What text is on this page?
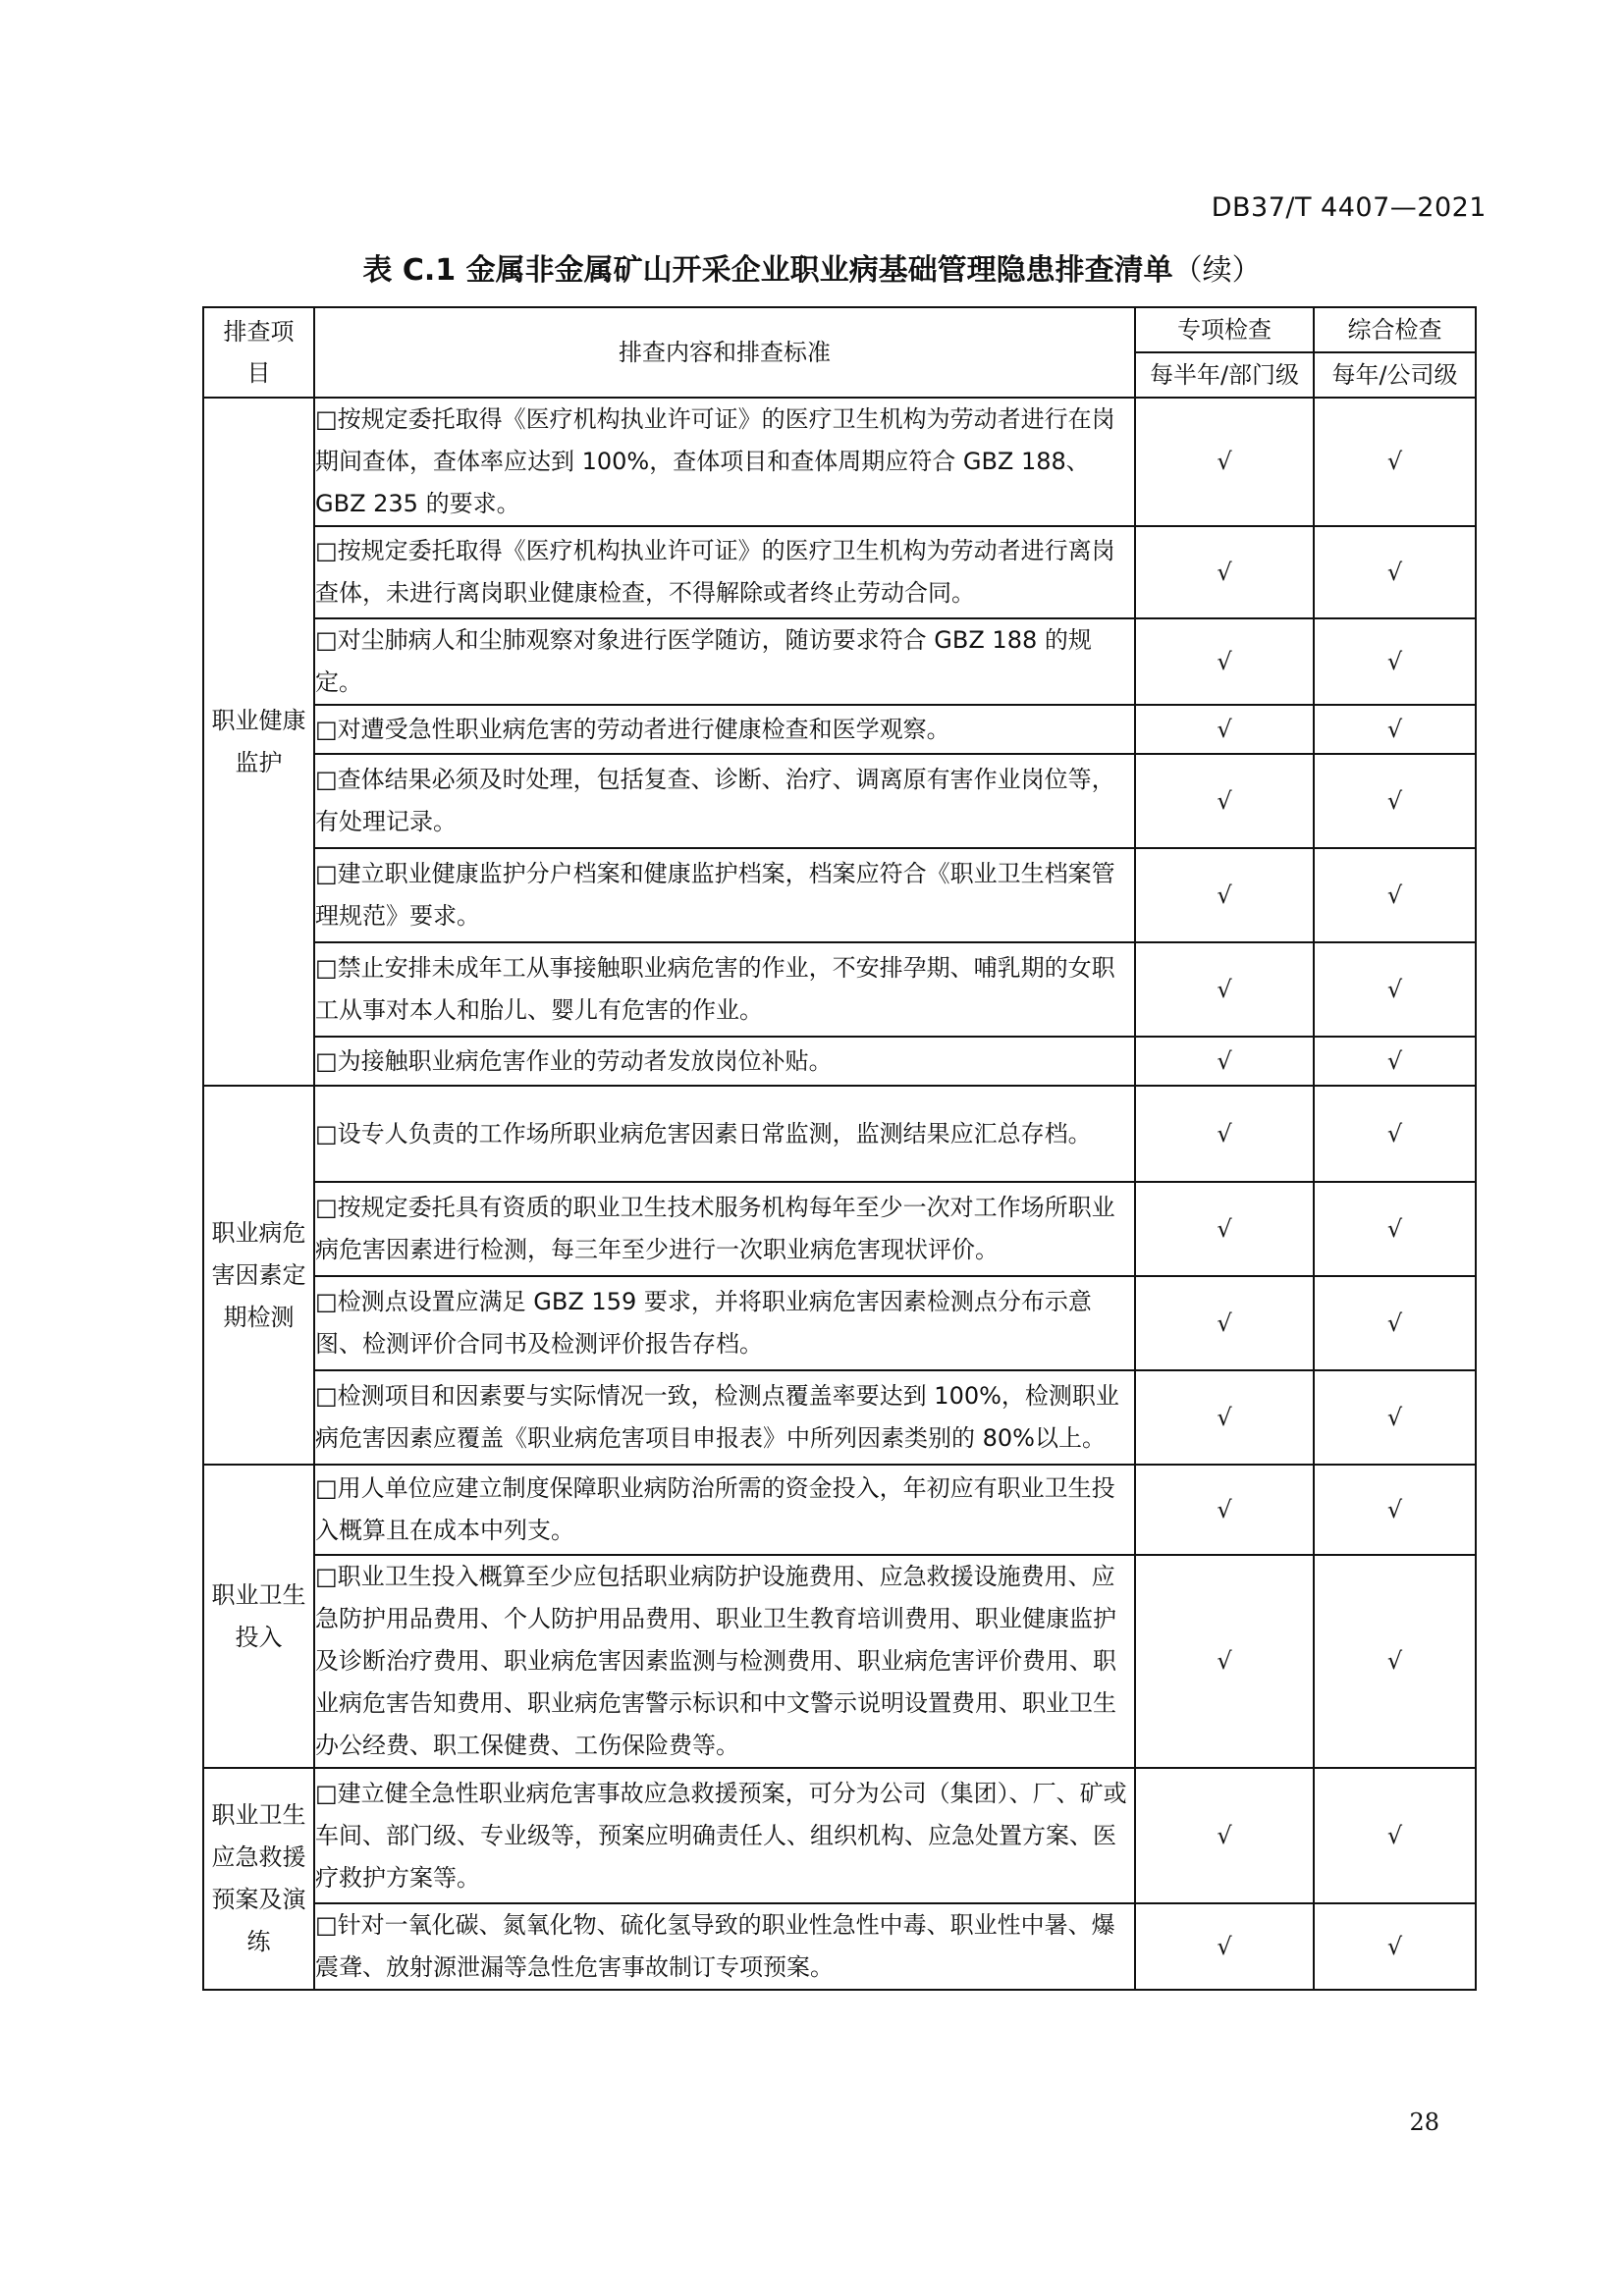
DB37/T 4407—2021
表 C.1 金属非金属矿山开采企业职业病基础管理隐患排查清单（续）
排查项目	排查内容和排查标准	专项检查	综合检查
		每半年/部门级	每年/公司级
职业健康监护	□按规定委托取得《医疗机构执业许可证》的医疗卫生机构为劳动者进行在岗期间查体，查体率应达到 100%，查体项目和查体周期应符合 GBZ 188、GBZ 235 的要求。	√	√
	□按规定委托取得《医疗机构执业许可证》的医疗卫生机构为劳动者进行离岗查体，未进行离岗职业健康检查，不得解除或者终止劳动合同。	√	√
	□对尘肺病人和尘肺观察对象进行医学随访，随访要求符合 GBZ 188 的规定。	√	√
	□对遭受急性职业病危害的劳动者进行健康检查和医学观察。	√	√
	□查体结果必须及时处理，包括复查、诊断、治疗、调离原有害作业岗位等，有处理记录。	√	√
	□建立职业健康监护分户档案和健康监护档案，档案应符合《职业卫生档案管理规范》要求。	√	√
	□禁止安排未成年工从事接触职业病危害的作业，不安排孕期、哺乳期的女职工从事对本人和胎儿、婴儿有危害的作业。	√	√
	□为接触职业病危害作业的劳动者发放岗位补贴。	√	√
职业病危害因素定期检测	□设专人负责的工作场所职业病危害因素日常监测，监测结果应汇总存档。	√	√
	□按规定委托具有资质的职业卫生技术服务机构每年至少一次对工作场所职业病危害因素进行检测，每三年至少进行一次职业病危害现状评价。	√	√
	□检测点设置应满足 GBZ 159 要求，并将职业病危害因素检测点分布示意图、检测评价合同书及检测评价报告存档。	√	√
	□检测项目和因素要与实际情况一致，检测点覆盖率要达到 100%，检测职业病危害因素应覆盖《职业病危害项目申报表》中所列因素类别的 80%以上。	√	√
职业卫生投入	□用人单位应建立制度保障职业病防治所需的资金投入，年初应有职业卫生投入概算且在成本中列支。	√	√
	□职业卫生投入概算至少应包括职业病防护设施费用、应急救援设施费用、应急防护用品费用、个人防护用品费用、职业卫生教育培训费用、职业健康监护及诊断治疗费用、职业病危害因素监测与检测费用、职业病危害评价费用、职业病危害告知费用、职业病危害警示标识和中文警示说明设置费用、职业卫生办公经费、职工保健费、工伤保险费等。	√	√
职业卫生应急救援预案及演练	□建立健全急性职业病危害事故应急救援预案，可分为公司（集团）、厂、矿或车间、部门级、专业级等，预案应明确责任人、组织机构、应急处置方案、医疗救护方案等。	√	√
	□针对一氧化碳、氮氧化物、硫化氢导致的职业性急性中毒、职业性中暑、爆震聋、放射源泄漏等急性危害事故制订专项预案。	√	√
28
